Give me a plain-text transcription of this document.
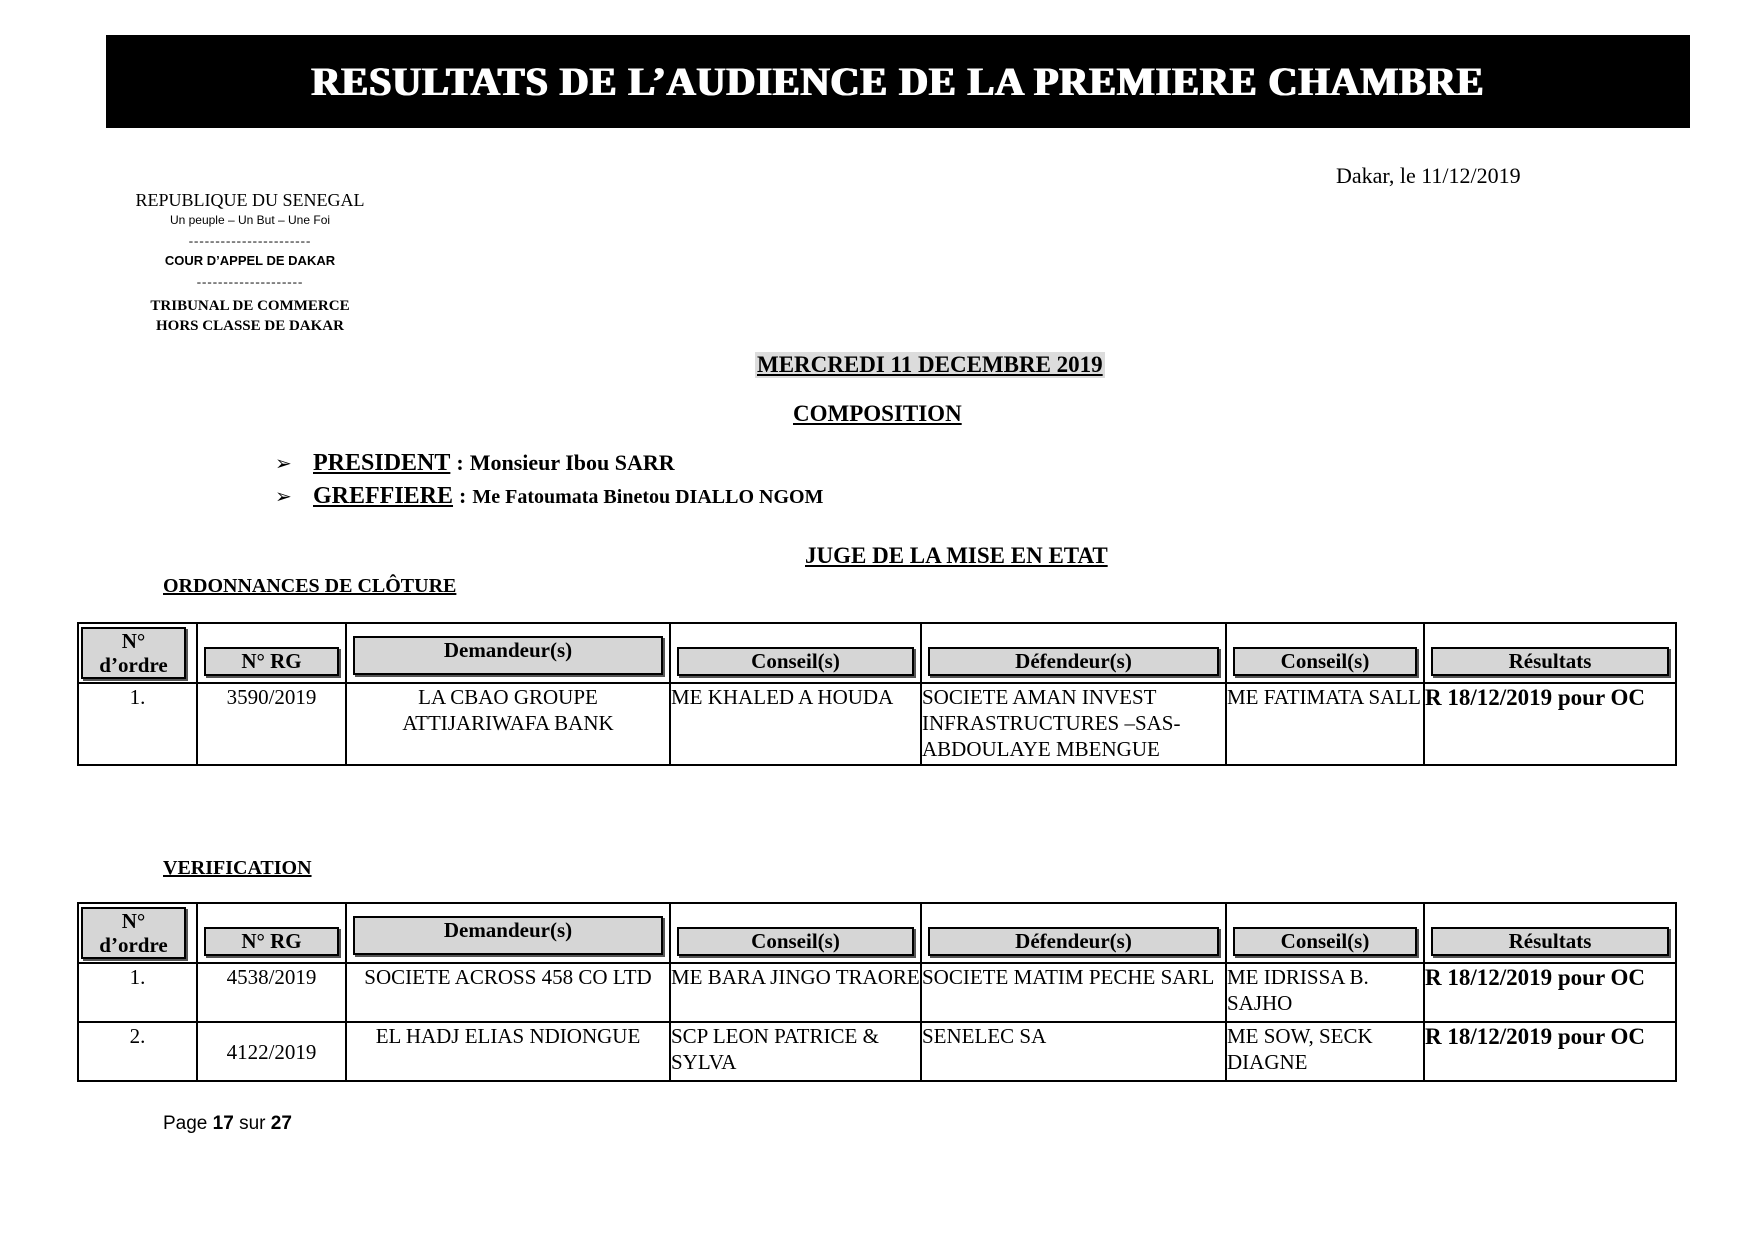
RESULTATS DE L’AUDIENCE DE LA PREMIERE CHAMBRE
Dakar, le 11/12/2019
REPUBLIQUE DU SENEGAL
Un peuple – Un But – Une Foi
-----------------------
COUR D’APPEL DE DAKAR
--------------------
TRIBUNAL DE COMMERCE
HORS CLASSE DE DAKAR
MERCREDI 11 DECEMBRE 2019
COMPOSITION
➢ PRESIDENT : Monsieur Ibou SARR
➢ GREFFIERE : Me Fatoumata Binetou DIALLO NGOM
JUGE DE LA MISE EN ETAT
ORDONNANCES DE CLÔTURE
N°
d’ordre	N° RG	Demandeur(s)	Conseil(s)	Défendeur(s)	Conseil(s)	Résultats

1.	3590/2019	LA CBAO GROUPE ATTIJARIWAFA BANK	ME KHALED A HOUDA	SOCIETE AMAN INVEST INFRASTRUCTURES –SAS- ABDOULAYE MBENGUE	ME FATIMATA SALL	R 18/12/2019 pour OC
VERIFICATION
N°
d’ordre	N° RG	Demandeur(s)	Conseil(s)	Défendeur(s)	Conseil(s)	Résultats

1.	4538/2019	SOCIETE ACROSS 458 CO LTD	ME BARA JINGO TRAORE	SOCIETE MATIM PECHE SARL	ME IDRISSA B. SAJHO	R 18/12/2019 pour OC
2.	4122/2019	EL HADJ ELIAS NDIONGUE	SCP LEON PATRICE & SYLVA	SENELEC SA	ME SOW, SECK DIAGNE	R 18/12/2019 pour OC
Page 17 sur 27
